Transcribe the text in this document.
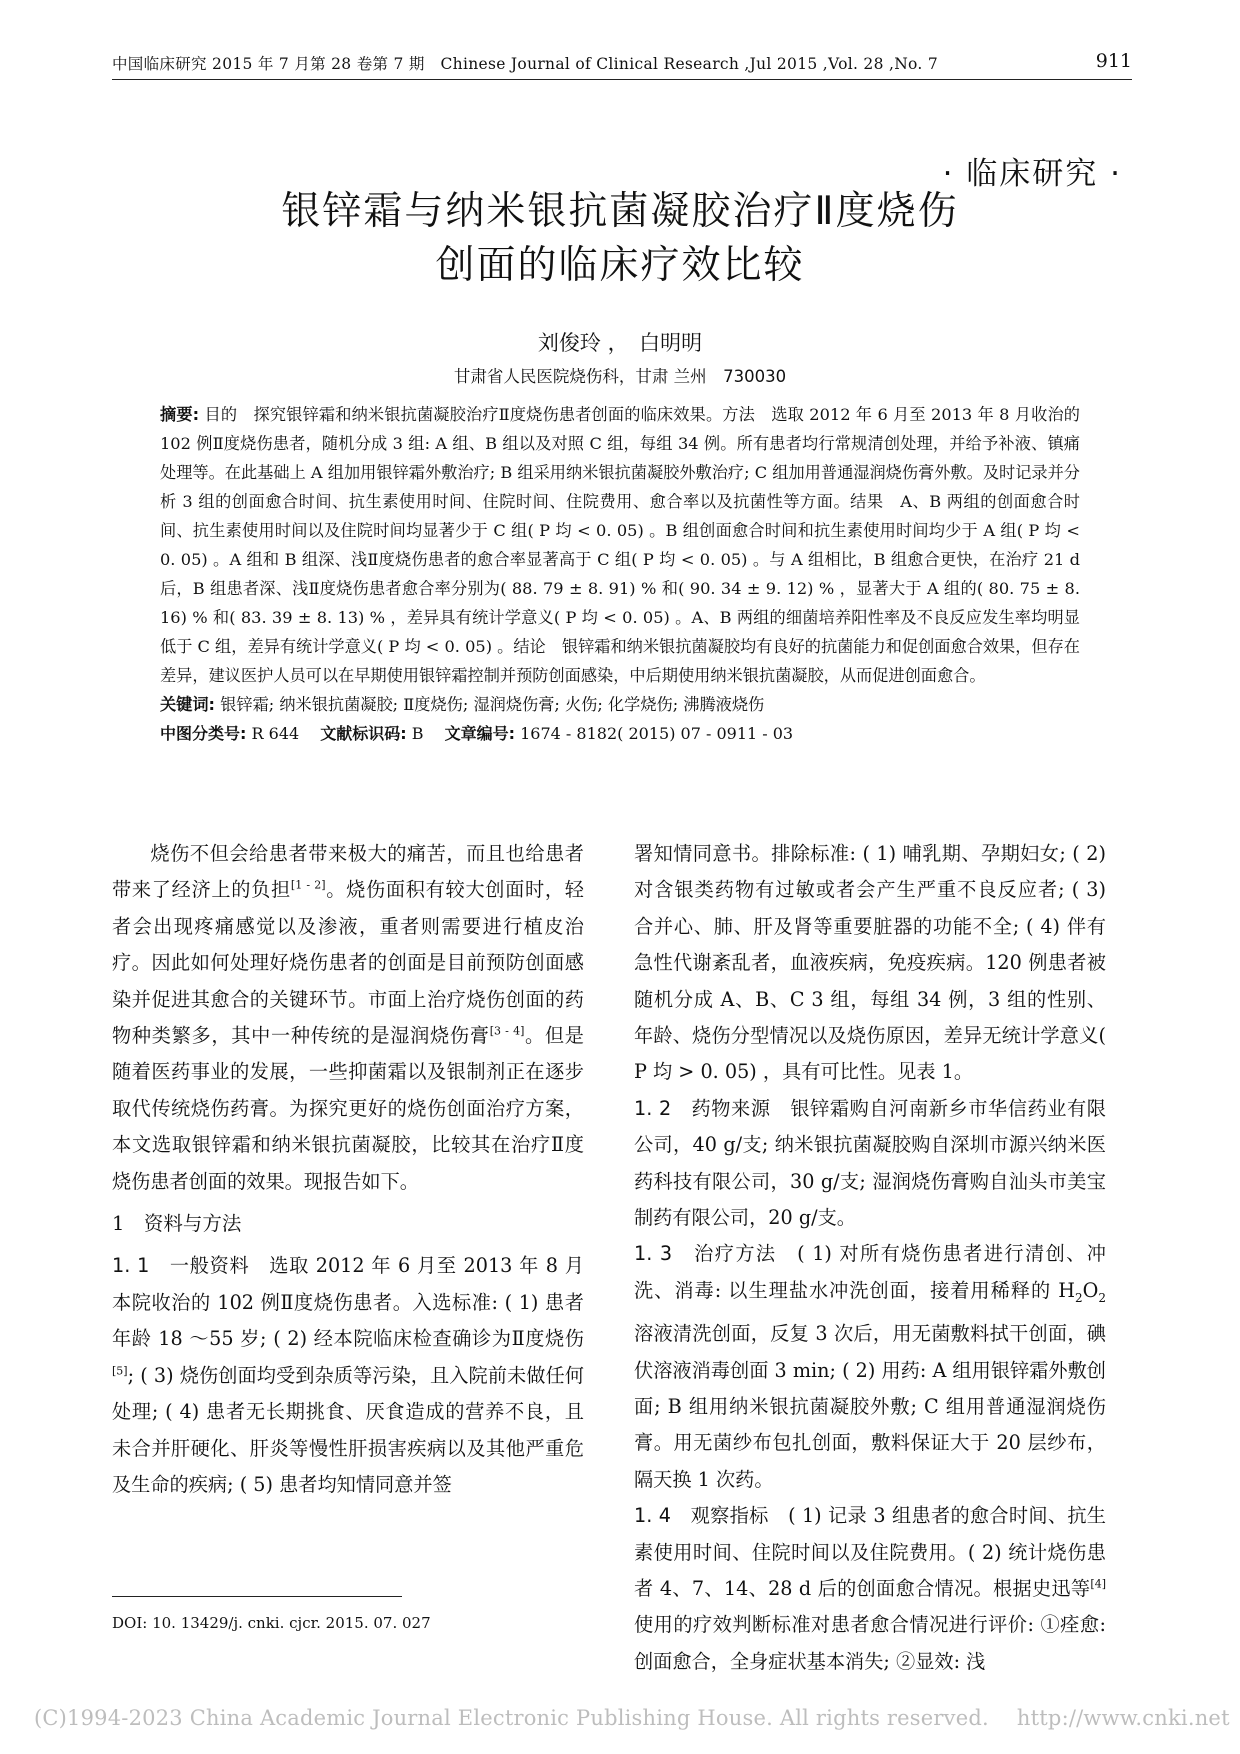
中国临床研究 2015 年 7 月第 28 卷第 7 期　Chinese Journal of Clinical Research ,Jul 2015 ,Vol. 28 ,No. 7	911
· 临床研究 ·
银锌霜与纳米银抗菌凝胶治疗Ⅱ度烧伤
创面的临床疗效比较
刘俊玲 ，　白明明
甘肃省人民医院烧伤科，甘肃 兰州　730030

摘要: 目的　探究银锌霜和纳米银抗菌凝胶治疗Ⅱ度烧伤患者创面的临床效果。方法　选取 2012 年 6 月至 2013 年 8 月收治的 102 例Ⅱ度烧伤患者，随机分成 3 组: A 组、B 组以及对照 C 组，每组 34 例。所有患者均行常规清创处理，并给予补液、镇痛处理等。在此基础上 A 组加用银锌霜外敷治疗; B 组采用纳米银抗菌凝胶外敷治疗; C 组加用普通湿润烧伤膏外敷。及时记录并分析 3 组的创面愈合时间、抗生素使用时间、住院时间、住院费用、愈合率以及抗菌性等方面。结果　A、B 两组的创面愈合时间、抗生素使用时间以及住院时间均显著少于 C 组( P 均 < 0. 05) 。B 组创面愈合时间和抗生素使用时间均少于 A 组( P 均 < 0. 05) 。A 组和 B 组深、浅Ⅱ度烧伤患者的愈合率显著高于 C 组( P 均 < 0. 05) 。与 A 组相比，B 组愈合更快，在治疗 21 d 后，B 组患者深、浅Ⅱ度烧伤患者愈合率分别为( 88. 79 ± 8. 91) % 和( 90. 34 ± 9. 12) % ，显著大于 A 组的( 80. 75 ± 8. 16) % 和( 83. 39 ± 8. 13) % ，差异具有统计学意义( P 均 < 0. 05) 。A、B 两组的细菌培养阳性率及不良反应发生率均明显低于 C 组，差异有统计学意义( P 均 < 0. 05) 。结论　银锌霜和纳米银抗菌凝胶均有良好的抗菌能力和促创面愈合效果，但存在差异，建议医护人员可以在早期使用银锌霜控制并预防创面感染，中后期使用纳米银抗菌凝胶，从而促进创面愈合。

关键词: 银锌霜; 纳米银抗菌凝胶; Ⅱ度烧伤; 湿润烧伤膏; 火伤; 化学烧伤; 沸腾液烧伤

中图分类号: R 644　 文献标识码: B　 文章编号: 1674 - 8182( 2015) 07 - 0911 - 03

烧伤不但会给患者带来极大的痛苦，而且也给患者带来了经济上的负担[1 - 2]。烧伤面积有较大创面时，轻者会出现疼痛感觉以及渗液，重者则需要进行植皮治疗。因此如何处理好烧伤患者的创面是目前预防创面感染并促进其愈合的关键环节。市面上治疗烧伤创面的药物种类繁多，其中一种传统的是湿润烧伤膏[3 - 4]。但是随着医药事业的发展，一些抑菌霜以及银制剂正在逐步取代传统烧伤药膏。为探究更好的烧伤创面治疗方案，本文选取银锌霜和纳米银抗菌凝胶，比较其在治疗Ⅱ度烧伤患者创面的效果。现报告如下。

1　资料与方法

1. 1　一般资料　选取 2012 年 6 月至 2013 年 8 月本院收治的 102 例Ⅱ度烧伤患者。入选标准: ( 1) 患者年龄 18 ～55 岁; ( 2) 经本院临床检查确诊为Ⅱ度烧伤[5]; ( 3) 烧伤创面均受到杂质等污染，且入院前未做任何处理; ( 4) 患者无长期挑食、厌食造成的营养不良，且未合并肝硬化、肝炎等慢性肝损害疾病以及其他严重危及生命的疾病; ( 5) 患者均知情同意并签

署知情同意书。排除标准: ( 1) 哺乳期、孕期妇女; ( 2) 对含银类药物有过敏或者会产生严重不良反应者; ( 3) 合并心、肺、肝及肾等重要脏器的功能不全; ( 4) 伴有急性代谢紊乱者，血液疾病，免疫疾病。120 例患者被随机分成 A、B、C 3 组，每组 34 例，3 组的性别、年龄、烧伤分型情况以及烧伤原因，差异无统计学意义( P 均 > 0. 05) ，具有可比性。见表 1。

1. 2　药物来源　银锌霜购自河南新乡市华信药业有限公司，40 g/支; 纳米银抗菌凝胶购自深圳市源兴纳米医药科技有限公司，30 g/支; 湿润烧伤膏购自汕头市美宝制药有限公司，20 g/支。

1. 3　治疗方法　( 1) 对所有烧伤患者进行清创、冲洗、消毒: 以生理盐水冲洗创面，接着用稀释的 $H_2O_2$ 溶液清洗创面，反复 3 次后，用无菌敷料拭干创面，碘伏溶液消毒创面 3 min; ( 2) 用药: A 组用银锌霜外敷创面; B 组用纳米银抗菌凝胶外敷; C 组用普通湿润烧伤膏。用无菌纱布包扎创面，敷料保证大于 20 层纱布，隔天换 1 次药。

1. 4　观察指标　( 1) 记录 3 组患者的愈合时间、抗生素使用时间、住院时间以及住院费用。( 2) 统计烧伤患者 4、7、14、28 d 后的创面愈合情况。根据史迅等[4]使用的疗效判断标准对患者愈合情况进行评价: ①痊愈: 创面愈合，全身症状基本消失; ②显效: 浅

DOI: 10. 13429/j. cnki. cjcr. 2015. 07. 027
(C)1994-2023 China Academic Journal Electronic Publishing House. All rights reserved.　 http://www.cnki.net
